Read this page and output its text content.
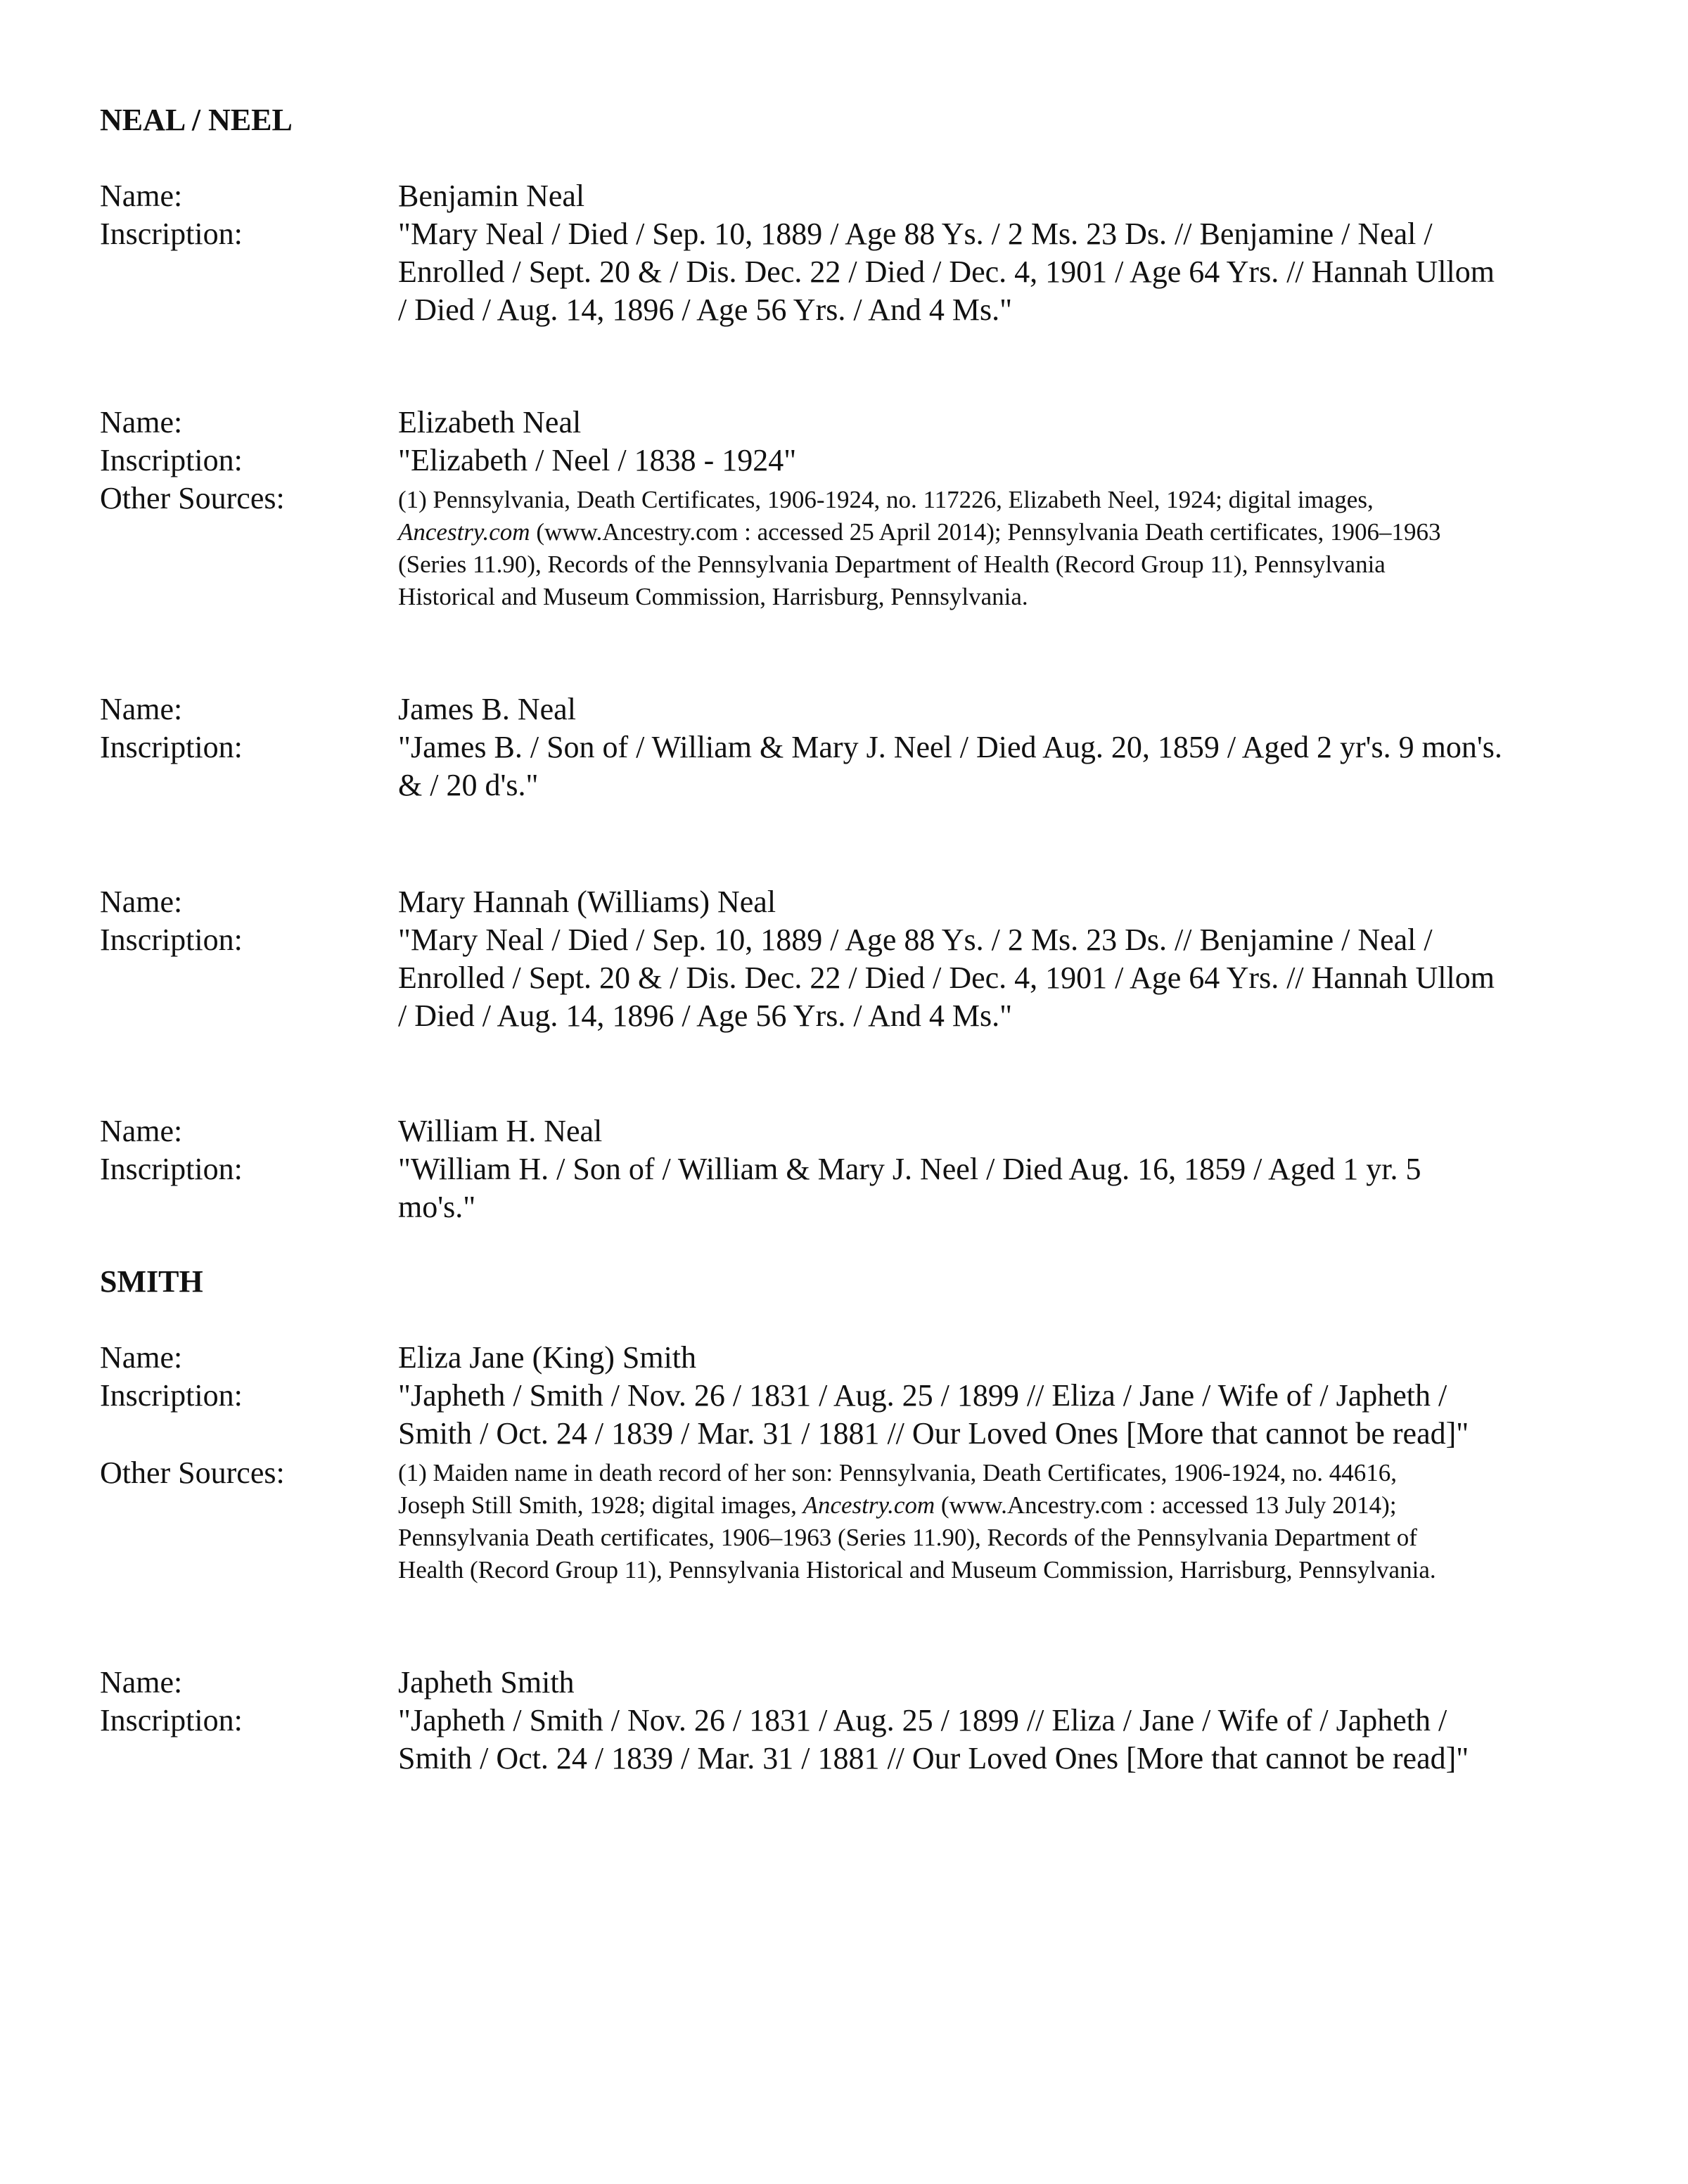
NEAL / NEEL
Name:	Benjamin Neal
Inscription:	"Mary Neal / Died / Sep. 10, 1889 / Age 88 Ys. / 2 Ms. 23 Ds. // Benjamine / Neal /
Enrolled / Sept. 20 & / Dis. Dec. 22 / Died / Dec. 4, 1901 / Age 64 Yrs. // Hannah Ullom
/ Died / Aug. 14, 1896 / Age 56 Yrs. / And 4 Ms."
Name:	Elizabeth Neal
Inscription:	"Elizabeth / Neel / 1838 - 1924"
Other Sources:	(1) Pennsylvania, Death Certificates, 1906-1924, no. 117226, Elizabeth Neel, 1924; digital images,
Ancestry.com (www.Ancestry.com : accessed 25 April 2014); Pennsylvania Death certificates, 1906–1963
(Series 11.90), Records of the Pennsylvania Department of Health (Record Group 11), Pennsylvania
Historical and Museum Commission, Harrisburg, Pennsylvania.
Name:	James B. Neal
Inscription:	"James B. / Son of / William & Mary J. Neel / Died Aug. 20, 1859 / Aged 2 yr's. 9 mon's.
& / 20 d's."
Name:	Mary Hannah (Williams) Neal
Inscription:	"Mary Neal / Died / Sep. 10, 1889 / Age 88 Ys. / 2 Ms. 23 Ds. // Benjamine / Neal /
Enrolled / Sept. 20 & / Dis. Dec. 22 / Died / Dec. 4, 1901 / Age 64 Yrs. // Hannah Ullom
/ Died / Aug. 14, 1896 / Age 56 Yrs. / And 4 Ms."
Name:	William H. Neal
Inscription:	"William H. / Son of / William & Mary J. Neel / Died Aug. 16, 1859 / Aged 1 yr. 5
mo's."
SMITH
Name:	Eliza Jane (King) Smith
Inscription:	"Japheth / Smith / Nov. 26 / 1831 / Aug. 25 / 1899 // Eliza / Jane / Wife of / Japheth /
Smith / Oct. 24 / 1839 / Mar. 31 / 1881 // Our Loved Ones [More that cannot be read]"
Other Sources:	(1) Maiden name in death record of her son: Pennsylvania, Death Certificates, 1906-1924, no. 44616,
Joseph Still Smith, 1928; digital images, Ancestry.com (www.Ancestry.com : accessed 13 July 2014);
Pennsylvania Death certificates, 1906–1963 (Series 11.90), Records of the Pennsylvania Department of
Health (Record Group 11), Pennsylvania Historical and Museum Commission, Harrisburg, Pennsylvania.
Name:	Japheth Smith
Inscription:	"Japheth / Smith / Nov. 26 / 1831 / Aug. 25 / 1899 // Eliza / Jane / Wife of / Japheth /
Smith / Oct. 24 / 1839 / Mar. 31 / 1881 // Our Loved Ones [More that cannot be read]"
